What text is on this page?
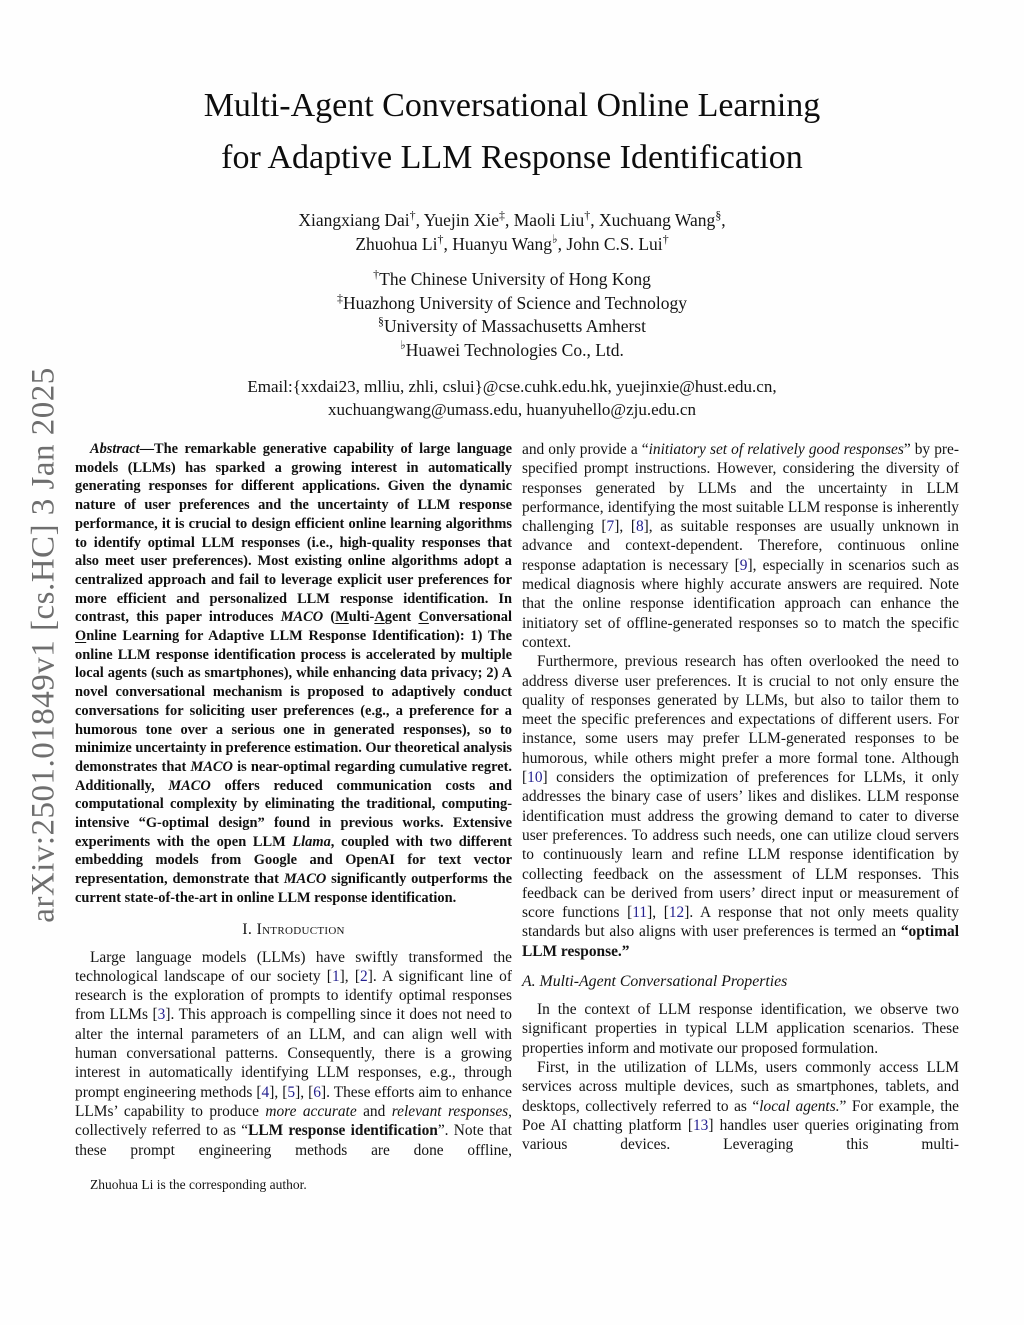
arXiv:2501.01849v1 [cs.HC] 3 Jan 2025
Multi-Agent Conversational Online Learning
for Adaptive LLM Response Identification
Xiangxiang Dai†, Yuejin Xie‡, Maoli Liu†, Xuchuang Wang§,
Zhuohua Li†, Huanyu Wang♭, John C.S. Lui†
†The Chinese University of Hong Kong
‡Huazhong University of Science and Technology
§University of Massachusetts Amherst
♭Huawei Technologies Co., Ltd.
Email:{xxdai23, mlliu, zhli, cslui}@cse.cuhk.edu.hk, yuejinxie@hust.edu.cn,
xuchuangwang@umass.edu, huanyuhello@zju.edu.cn

Abstract—The remarkable generative capability of large language models (LLMs) has sparked a growing interest in automatically generating responses for different applications. Given the dynamic nature of user preferences and the uncertainty of LLM response performance, it is crucial to design efficient online learning algorithms to identify optimal LLM responses (i.e., high-quality responses that also meet user preferences). Most existing online algorithms adopt a centralized approach and fail to leverage explicit user preferences for more efficient and personalized LLM response identification. In contrast, this paper introduces MACO (Multi-Agent Conversational Online Learning for Adaptive LLM Response Identification): 1) The online LLM response identification process is accelerated by multiple local agents (such as smartphones), while enhancing data privacy; 2) A novel conversational mechanism is proposed to adaptively conduct conversations for soliciting user preferences (e.g., a preference for a humorous tone over a serious one in generated responses), so to minimize uncertainty in preference estimation. Our theoretical analysis demonstrates that MACO is near-optimal regarding cumulative regret. Additionally, MACO offers reduced communication costs and computational complexity by eliminating the traditional, computing-intensive “G-optimal design” found in previous works. Extensive experiments with the open LLM Llama, coupled with two different embedding models from Google and OpenAI for text vector representation, demonstrate that MACO significantly outperforms the current state-of-the-art in online LLM response identification.

I. Introduction

Large language models (LLMs) have swiftly transformed the technological landscape of our society [1], [2]. A significant line of research is the exploration of prompts to identify optimal responses from LLMs [3]. This approach is compelling since it does not need to alter the internal parameters of an LLM, and can align well with human conversational patterns. Consequently, there is a growing interest in automatically identifying LLM responses, e.g., through prompt engineering methods [4], [5], [6]. These efforts aim to enhance LLMs’ capability to produce more accurate and relevant responses, collectively referred to as “LLM response identification”. Note that these prompt engineering methods are done offline,

Zhuohua Li is the corresponding author.

and only provide a “initiatory set of relatively good responses” by pre-specified prompt instructions. However, considering the diversity of responses generated by LLMs and the uncertainty in LLM performance, identifying the most suitable LLM response is inherently challenging [7], [8], as suitable responses are usually unknown in advance and context-dependent. Therefore, continuous online response adaptation is necessary [9], especially in scenarios such as medical diagnosis where highly accurate answers are required. Note that the online response identification approach can enhance the initiatory set of offline-generated responses so to match the specific context.

Furthermore, previous research has often overlooked the need to address diverse user preferences. It is crucial to not only ensure the quality of responses generated by LLMs, but also to tailor them to meet the specific preferences and expectations of different users. For instance, some users may prefer LLM-generated responses to be humorous, while others might prefer a more formal tone. Although [10] considers the optimization of preferences for LLMs, it only addresses the binary case of users’ likes and dislikes. LLM response identification must address the growing demand to cater to diverse user preferences. To address such needs, one can utilize cloud servers to continuously learn and refine LLM response identification by collecting feedback on the assessment of LLM responses. This feedback can be derived from users’ direct input or measurement of score functions [11], [12]. A response that not only meets quality standards but also aligns with user preferences is termed an “optimal LLM response.”

A. Multi-Agent Conversational Properties

In the context of LLM response identification, we observe two significant properties in typical LLM application scenarios. These properties inform and motivate our proposed formulation.

First, in the utilization of LLMs, users commonly access LLM services across multiple devices, such as smartphones, tablets, and desktops, collectively referred to as “local agents.” For example, the Poe AI chatting platform [13] handles user queries originating from various devices. Leveraging this multi-
